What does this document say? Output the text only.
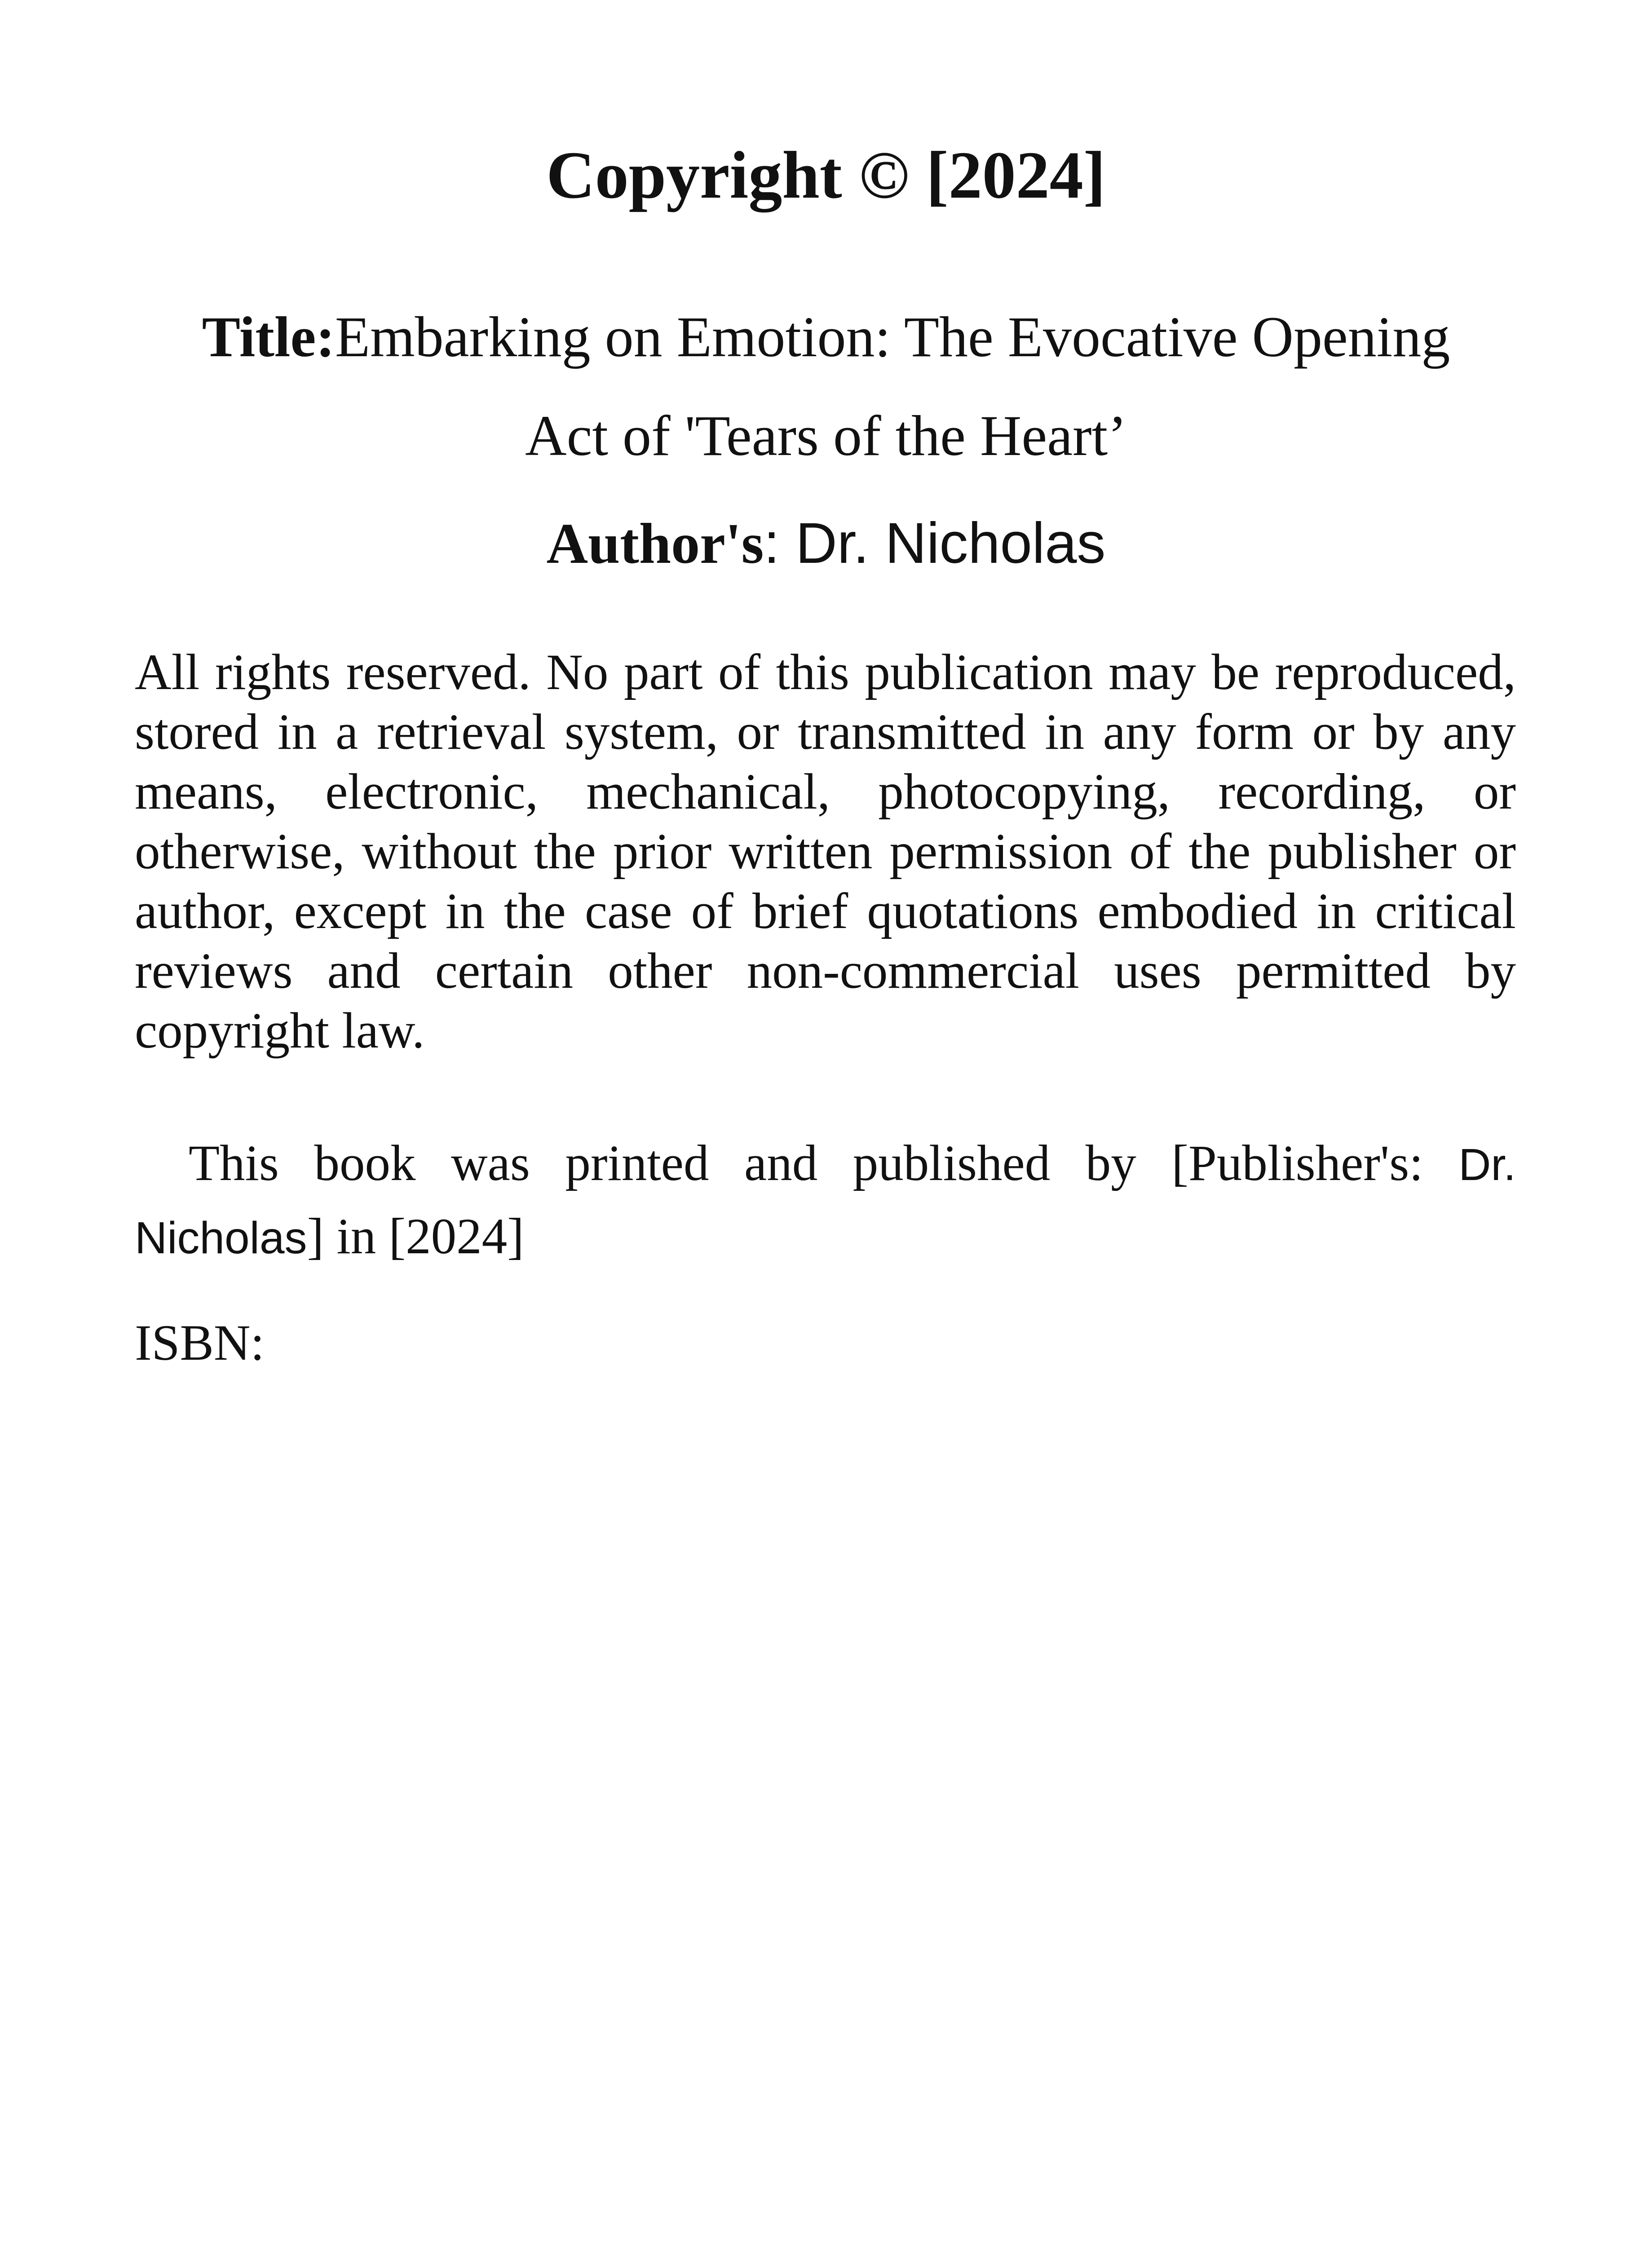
Copyright © [2024]
Title:Embarking on Emotion: The Evocative Opening
Act of 'Tears of the Heart’
Author's: Dr. Nicholas

All rights reserved. No part of this publication may be reproduced, stored in a retrieval system, or transmitted in any form or by any means, electronic, mechanical, photocopying, recording, or otherwise, without the prior written permission of the publisher or author, except in the case of brief quotations embodied in critical reviews and certain other non-commercial uses permitted by copyright law.

This book was printed and published by [Publisher's: Dr. Nicholas] in [2024]

ISBN:
